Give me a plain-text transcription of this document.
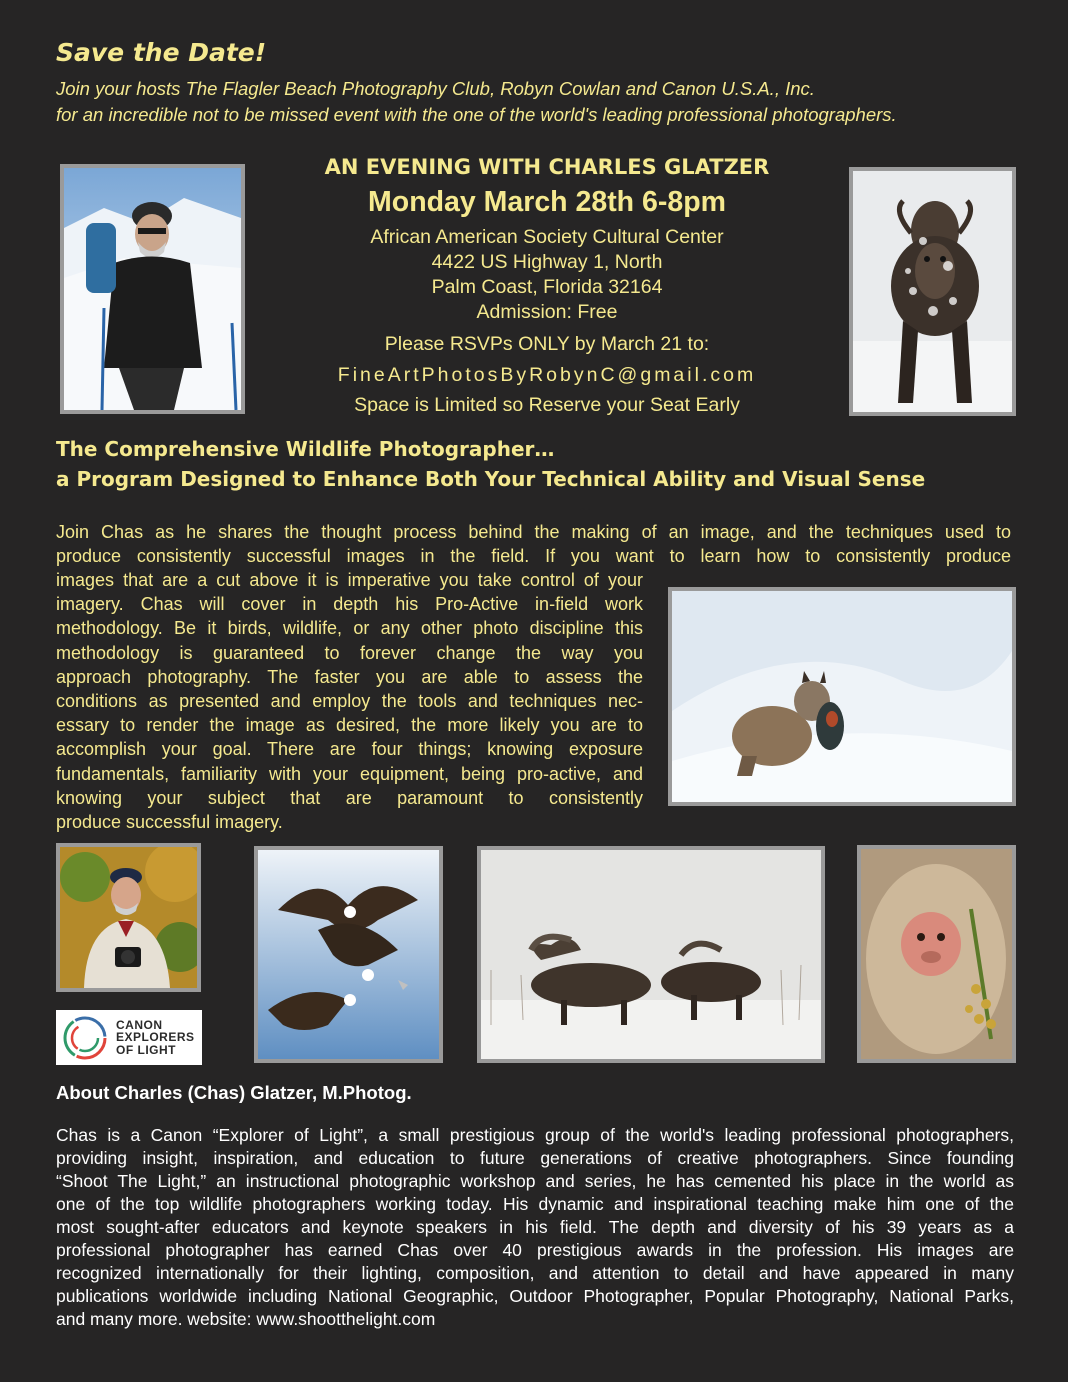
Save the Date!
Join your hosts The Flagler Beach Photography Club, Robyn Cowlan and Canon U.S.A., Inc.
for an incredible not to be missed event with the one of the world's leading professional photographers.
AN EVENING WITH CHARLES GLATZER
Monday March 28th 6-8pm
African American Society Cultural Center
4422 US Highway 1, North
Palm Coast, Florida 32164
Admission: Free
Please RSVPs ONLY by March 21 to:
FineArtPhotosByRobynC@gmail.com
Space is Limited so Reserve your Seat Early
The Comprehensive Wildlife Photographer…
a Program Designed to Enhance Both Your Technical Ability and Visual Sense
Join Chas as he shares the thought process behind the making of an image, and the techniques used to
produce consistently successful images in the field. If you want to learn how to consistently produce
images that are a cut above it is imperative you take control of your
imagery. Chas will cover in depth his Pro-Active in-field work
methodology. Be it birds, wildlife, or any other photo discipline this
methodology is guaranteed to forever change the way you
approach photography. The faster you are able to assess the
conditions as presented and employ the tools and techniques nec-
essary to render the image as desired, the more likely you are to
accomplish your goal. There are four things; knowing exposure
fundamentals, familiarity with your equipment, being pro-active, and
knowing your subject that are paramount to consistently
produce successful imagery.
CANON
EXPLORERS
OF LIGHT
About Charles (Chas) Glatzer, M.Photog.
Chas is a Canon “Explorer of Light”, a small prestigious group of the world's leading professional photographers,
providing insight, inspiration, and education to future generations of creative photographers. Since founding
“Shoot The Light,” an instructional photographic workshop and series, he has cemented his place in the world as
one of the top wildlife photographers working today. His dynamic and inspirational teaching make him one of the
most sought-after educators and keynote speakers in his field. The depth and diversity of his 39 years as a
professional photographer has earned Chas over 40 prestigious awards in the profession. His images are
recognized internationally for their lighting, composition, and attention to detail and have appeared in many
publications worldwide including National Geographic, Outdoor Photographer, Popular Photography, National Parks,
and many more. website: www.shootthelight.com
